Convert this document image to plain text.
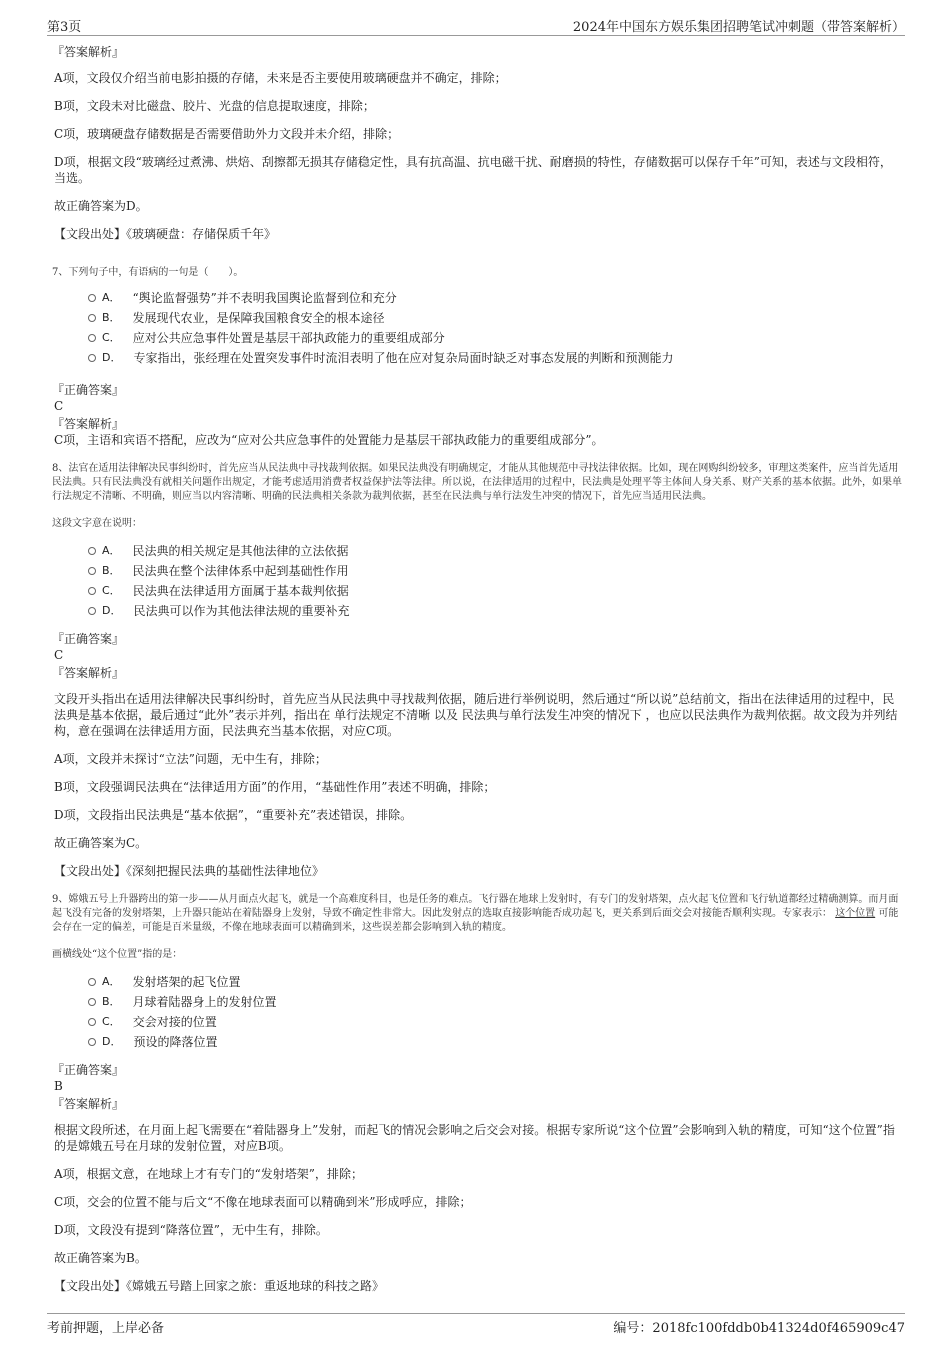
第3页	2024年中国东方娱乐集团招聘笔试冲刺题（带答案解析）
『答案解析』
A项，文段仅介绍当前电影拍摄的存储，未来是否主要使用玻璃硬盘并不确定，排除；
B项，文段未对比磁盘、胶片、光盘的信息提取速度，排除；
C项，玻璃硬盘存储数据是否需要借助外力文段并未介绍，排除；
D项，根据文段“玻璃经过煮沸、烘焙、刮擦都无损其存储稳定性，具有抗高温、抗电磁干扰、耐磨损的特性，存储数据可以保存千年”可知，表述与文段相符，当选。
故正确答案为D。
【文段出处】《玻璃硬盘：存储保质千年》
7、下列句子中，有语病的一句是（　　）。
A． “舆论监督强势”并不表明我国舆论监督到位和充分
B． 发展现代农业，是保障我国粮食安全的根本途径
C． 应对公共应急事件处置是基层干部执政能力的重要组成部分
D． 专家指出，张经理在处置突发事件时流泪表明了他在应对复杂局面时缺乏对事态发展的判断和预测能力
『正确答案』
C
『答案解析』
C项，主语和宾语不搭配，应改为“应对公共应急事件的处置能力是基层干部执政能力的重要组成部分”。
8、法官在适用法律解决民事纠纷时，首先应当从民法典中寻找裁判依据。如果民法典没有明确规定，才能从其他规范中寻找法律依据。比如，现在网购纠纷较多，审理这类案件，应当首先适用民法典。只有民法典没有就相关问题作出规定，才能考虑适用消费者权益保护法等法律。所以说，在法律适用的过程中，民法典是处理平等主体间人身关系、财产关系的基本依据。此外，如果单行法规定不清晰、不明确，则应当以内容清晰、明确的民法典相关条款为裁判依据，甚至在民法典与单行法发生冲突的情况下，首先应当适用民法典。
这段文字意在说明：
A． 民法典的相关规定是其他法律的立法依据
B． 民法典在整个法律体系中起到基础性作用
C． 民法典在法律适用方面属于基本裁判依据
D． 民法典可以作为其他法律法规的重要补充
『正确答案』
C
『答案解析』
文段开头指出在适用法律解决民事纠纷时，首先应当从民法典中寻找裁判依据，随后进行举例说明，然后通过“所以说”总结前文，指出在法律适用的过程中，民法典是基本依据，最后通过“此外”表示并列，指出在 单行法规定不清晰 以及 民法典与单行法发生冲突的情况下 ，也应以民法典作为裁判依据。故文段为并列结构，意在强调在法律适用方面，民法典充当基本依据，对应C项。
A项，文段并未探讨“立法”问题，无中生有，排除；
B项，文段强调民法典在“法律适用方面”的作用，“基础性作用”表述不明确，排除；
D项，文段指出民法典是“基本依据”，“重要补充”表述错误，排除。
故正确答案为C。
【文段出处】《深刻把握民法典的基础性法律地位》
9、嫦娥五号上升器跨出的第一步——从月面点火起飞，就是一个高难度科目，也是任务的难点。飞行器在地球上发射时，有专门的发射塔架，点火起飞位置和飞行轨道都经过精确测算。而月面起飞没有完备的发射塔架，上升器只能站在着陆器身上发射，导致不确定性非常大。因此发射点的选取直接影响能否成功起飞，更关系到后面交会对接能否顺利实现。专家表示： 这个位置 可能会存在一定的偏差，可能是百米量级，不像在地球表面可以精确到米，这些误差都会影响到入轨的精度。
画横线处“这个位置”指的是：
A． 发射塔架的起飞位置
B． 月球着陆器身上的发射位置
C． 交会对接的位置
D． 预设的降落位置
『正确答案』
B
『答案解析』
根据文段所述，在月面上起飞需要在“着陆器身上”发射，而起飞的情况会影响之后交会对接。根据专家所说“这个位置”会影响到入轨的精度，可知“这个位置”指的是嫦娥五号在月球的发射位置，对应B项。
A项，根据文意，在地球上才有专门的“发射塔架”，排除；
C项，交会的位置不能与后文“不像在地球表面可以精确到米”形成呼应，排除；
D项，文段没有提到“降落位置”，无中生有，排除。
故正确答案为B。
【文段出处】《嫦娥五号踏上回家之旅：重返地球的科技之路》
考前押题，上岸必备	编号：2018fc100fddb0b41324d0f465909c47
